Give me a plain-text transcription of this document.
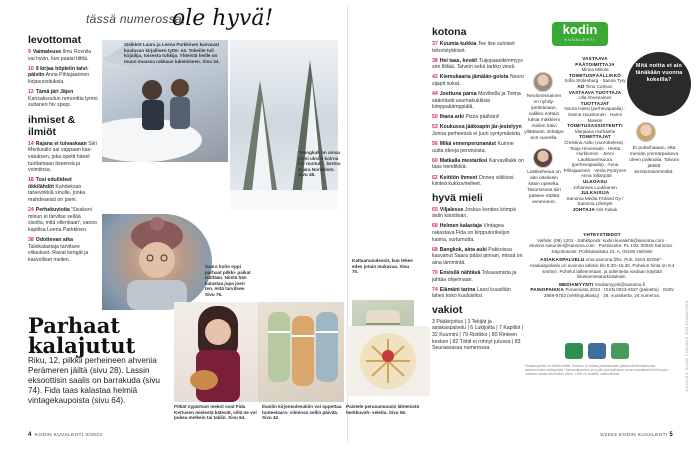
tässä numerossa,
ole hyvä!
levottomat
9 Vaimaleuse Ilmu Rovnila vai hyvin, kun paalal tiittiä.
10 9 kirjaa höpleiin talvi-päiviin Anna Pihlajaarinen kirjasuosituksia.
12 Tämä järi Jäjen Kansaksoulun remonttia tymni suitanen hiv spepi.
ihmiset & ilmiöt
14 Rajana ei tuivaskaan Siiri Meriksallo sai vappaan kas- vatuksen, joka opetti hänet tuottamaan itseensä ja voimiinsa.
18 Tosi eduliideet ökkilähdöt Kahdeksan talvevirkkiä sinulle, jonka mahdeaeisti on pieni.
24 Perhekuvioita 'Sisakeni minun ei tarvitse sellää sisolta, mitä ollenkaan', sanoo kaptilsa Leena Parkkinen.
38 Odottevan aika Talvikalastaja tarvitsee viilaukset. Ravat kengät ja kasvolliset meilen.
Sisikköt Laura ja Leena Parkkinen kasvavat kuuluvan kirjallisen tyttö- nä. Tokeiite tuli kirjailija, toisesta tuhkija. Yhteistä heille on muun muassa rakkaus lukemiseen. Sivu 24.
"Bongkuk on ainoa pieni uksiin koirna mi- nuntun", kertoo Saara Nordblom. Sivu 48.
Saara hoito oppi parhaat pilkki- paikat Isältään. Niistä hän kalastaa jopa joeri ten, mitä tarvitsee. Sivu 76.
Pitkät nypärtuot mekot ovat Fida Kertusen mielestä kätevät, sillä ne voi pukea melkein tai taklin. Sivu 64.
Ihanlin kirjoneulesukiin voi oppettaa tunteetaaro- vilminsa sellin päivää. Sivu 42.
Parhaat
kalajutut
Riku, 12, pilkkii perheineen ahvenia Perämeren jäiltä (sivu 28). Lassin eksoottisin saalis on barrakuda (sivu 74). Fida taas kalastaa helmiä vintagekaupoista (sivu 64).
Kattaanusulesnit, kun tekee edes jotain mukavaa. Sivu 70.
Paistele perunamuusin lähtenistä herkkuvoh- veleita. Sivu 56.
kotona
37 Kuumia kukkia Tee itse suloiset tekoristykkiset.
38 Hei taas, kevät! Tuijopaanikimmyys sen fiiltää. Talvein sekä tarkko viesti.
42 Kiemukaaria jämälän-goista Neuro sijapit sukat.
44 Joettuna parsa Movibella ja Toima sääntävät asumakukkisia kimppakämppiälä.
50 Ihana arki Pizza päähäni!
53 Koukussa jääkoapin jär-jestelyyn Jenna perheessä ei juuri syntymäsista.
56 Mikä ennenperunanäst Kuinne uutta ideoja perunoista.
60 Matkalla mestariksi Karvavillakk on taas trendikkiä.
62 Keittiön ihmeet Onnea viikkiosi kiinteä kukkuvirelleet.
hyvä mieli
65 Viljalesse Joskus kenties kömpä äidin kärstiisän.
68 Helmen kalastaja Vintagea rakastava Fida on kirpputorikeljun kaima, surtumutta.
68 Bangkok, aina auki Pakkoissa kasvanut Saara pääsi pinnan, missä on aina lämmintä.
70 Ensisilä nähtävä Tokauumista ja jahtäa ohjelmaan.
74 Elämäni tarina Lassi kuusiltän lahes koko kuuluisiksi.
vakiot
3 Pääkirjoitus | 3 Tekijät ja asiakaspalvelu | 6 Lukijoilta | 7 Kapillot | 32 Kuumini | 79 Ristikko | 80 Rinteen kesken | 82 Tähti ei rohnyt jutussa | 83 Seuraavassa numerossa.
kodin
KUVALEHTI
Mitä noitta et aio tänäkään vuonna kokeilla?
Neulomisnainen on nyhdy-ipetteleiaan, valikko erittain käsiä mäkkieni mielen käivi yllättävän. Erktäpö ans vuorella.
Lastikeheiua on aito eiteliesin käsin opetelta. Tasomisoita siiri pääsee ettättä veranneon.
Ei puheihaiaan, että meniän ymmärpaiseva oleen paikoolia. Talvuni jäästä kerstuminemmiltä.
VASTAAVA PÄÄTOIMITTAJA
Minna Mikola
TOIMITUSPÄÄLLIKKÖ
Sofia Stolenburg · Sanna Tyry
AD Tiina Carlson
VASTAAVA TUOTTAJA
Ulla Ahvenainen
TUOTTAJAT
Noora Hassi (perhevapaalla) · Sanna Huuskonen · Hanni Maasin
TOIMITUSASSISTENTTI
Marjaana Hurhantie
TOIMITTAJAT
Christina Aalto (vuorotteleva) · Tanja Hirvensalo · Hertta Hurkkonen · Jenni Laukkanensuora (perhevapaalla) · Anna Pihlajaarinen · Venla Pyörynen · Anna Sillanpää
ULKOASU
Johannes Luukkanen
JULKAISIJA
Sanoma Media Finland Oy / Sanoma Lifestyle
JOHTAJA Iiris Kukuk
YHTEYSTIEDOT
Vaihde: (09) 1201 · Sähköposti: kodin.kuvalehti@sanoma.com · etunimi.sukunimi@sanoma.com · Postiosoite: PL 100, 00040 Sanoma · Käyntiosoite: Porkkalankatu 23, A, 00180 Helsinki
ASIAKASPALVELU oma.sanoma.fi/ks. Puh. 0203 92255* · Asiakaspalvelu on avoinna arkisin klo 8.30–16.30. Puhelun hinta on 8,4 snt/min. Puhelut tallennetaan, ja tallenteita voidaan käyttää liiketoimintatarkoituksiin.
MEDIAMYYNTI mediamyynti@sanoma.fi
PAINOPAIKKA Punamusta 2023 · ISSN 0023-2637 (painettu) · ISSN 2669-9753 (verkkojulkaisu) · 36. vuosikerta, 24 numeroa.
Mediamyyntiä on olkeen tiläilä. Ilmoitus ei vastaa julkaisematta jääneestä ilmoituksesta aiheutuneista vahingoista. Sananvapauden ja hyvän journalistisen tavan mukaisesti lehti kuuluu Julkisen sanan neuvoston piiriin. Lehti on tuotettu vastuullisesti.	KANNEN KUVA TUOMAS KOLEHMAINEN
4 KODIN KUVALEHTI 3/2023	3/2023 KODIN KUVALEHTI 5
